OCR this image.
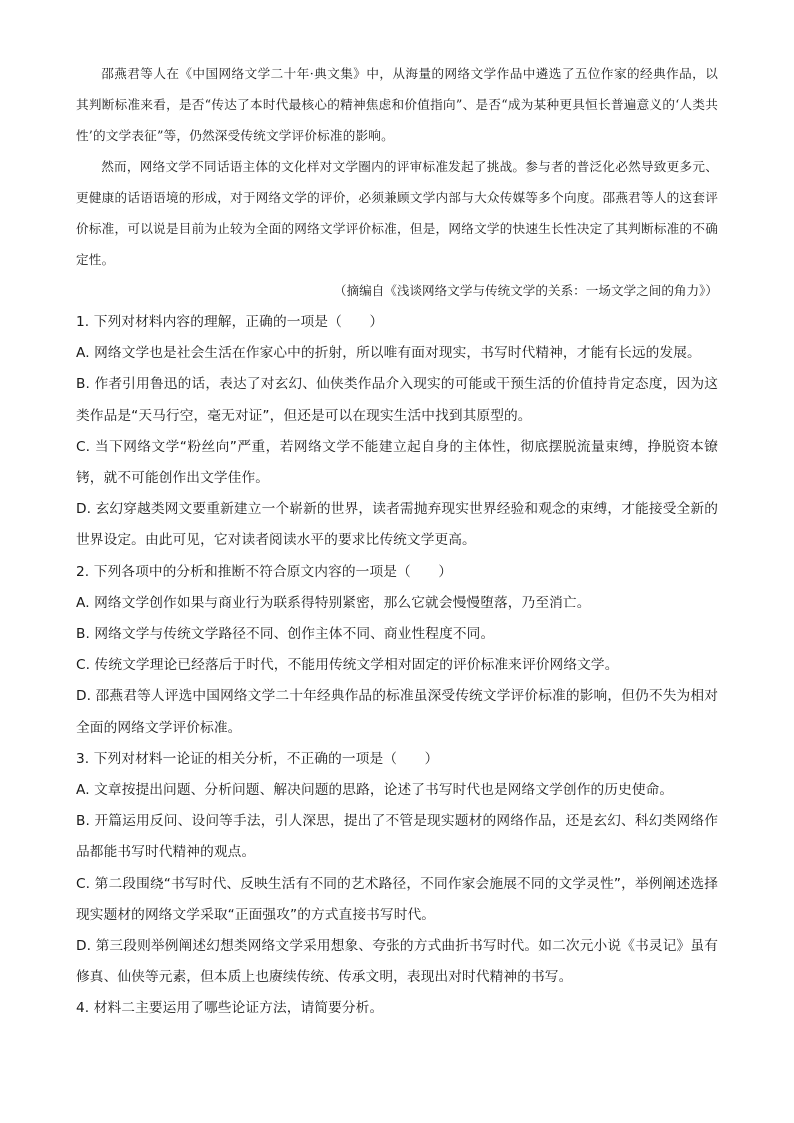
邵燕君等人在《中国网络文学二十年·典文集》中，从海量的网络文学作品中遴选了五位作家的经典作品，以其判断标准来看，是否“传达了本时代最核心的精神焦虑和价值指向”、是否“成为某种更具恒长普遍意义的‘人类共性’的文学表征”等，仍然深受传统文学评价标准的影响。

然而，网络文学不同话语主体的文化样对文学圈内的评审标准发起了挑战。参与者的普泛化必然导致更多元、更健康的话语语境的形成，对于网络文学的评价，必须兼顾文学内部与大众传媒等多个向度。邵燕君等人的这套评价标准，可以说是目前为止较为全面的网络文学评价标准，但是，网络文学的快速生长性决定了其判断标准的不确定性。

（摘编自《浅谈网络文学与传统文学的关系：一场文学之间的角力》）

1. 下列对材料内容的理解，正确的一项是（　　）

A. 网络文学也是社会生活在作家心中的折射，所以唯有面对现实，书写时代精神，才能有长远的发展。

B. 作者引用鲁迅的话，表达了对玄幻、仙侠类作品介入现实的可能或干预生活的价值持肯定态度，因为这类作品是“天马行空，毫无对证”，但还是可以在现实生活中找到其原型的。

C. 当下网络文学“粉丝向”严重，若网络文学不能建立起自身的主体性，彻底摆脱流量束缚，挣脱资本镣铐，就不可能创作出文学佳作。

D. 玄幻穿越类网文要重新建立一个崭新的世界，读者需抛弃现实世界经验和观念的束缚，才能接受全新的世界设定。由此可见，它对读者阅读水平的要求比传统文学更高。

2. 下列各项中的分析和推断不符合原文内容的一项是（　　）

A. 网络文学创作如果与商业行为联系得特别紧密，那么它就会慢慢堕落，乃至消亡。

B. 网络文学与传统文学路径不同、创作主体不同、商业性程度不同。

C. 传统文学理论已经落后于时代，不能用传统文学相对固定的评价标准来评价网络文学。

D. 邵燕君等人评选中国网络文学二十年经典作品的标准虽深受传统文学评价标准的影响，但仍不失为相对全面的网络文学评价标准。

3. 下列对材料一论证的相关分析，不正确的一项是（　　）

A. 文章按提出问题、分析问题、解决问题的思路，论述了书写时代也是网络文学创作的历史使命。

B. 开篇运用反问、设问等手法，引人深思，提出了不管是现实题材的网络作品，还是玄幻、科幻类网络作品都能书写时代精神的观点。

C. 第二段围绕“书写时代、反映生活有不同的艺术路径，不同作家会施展不同的文学灵性”，举例阐述选择现实题材的网络文学采取“正面强攻”的方式直接书写时代。

D. 第三段则举例阐述幻想类网络文学采用想象、夸张的方式曲折书写时代。如二次元小说《书灵记》虽有修真、仙侠等元素，但本质上也赓续传统、传承文明，表现出对时代精神的书写。

4. 材料二主要运用了哪些论证方法，请简要分析。
